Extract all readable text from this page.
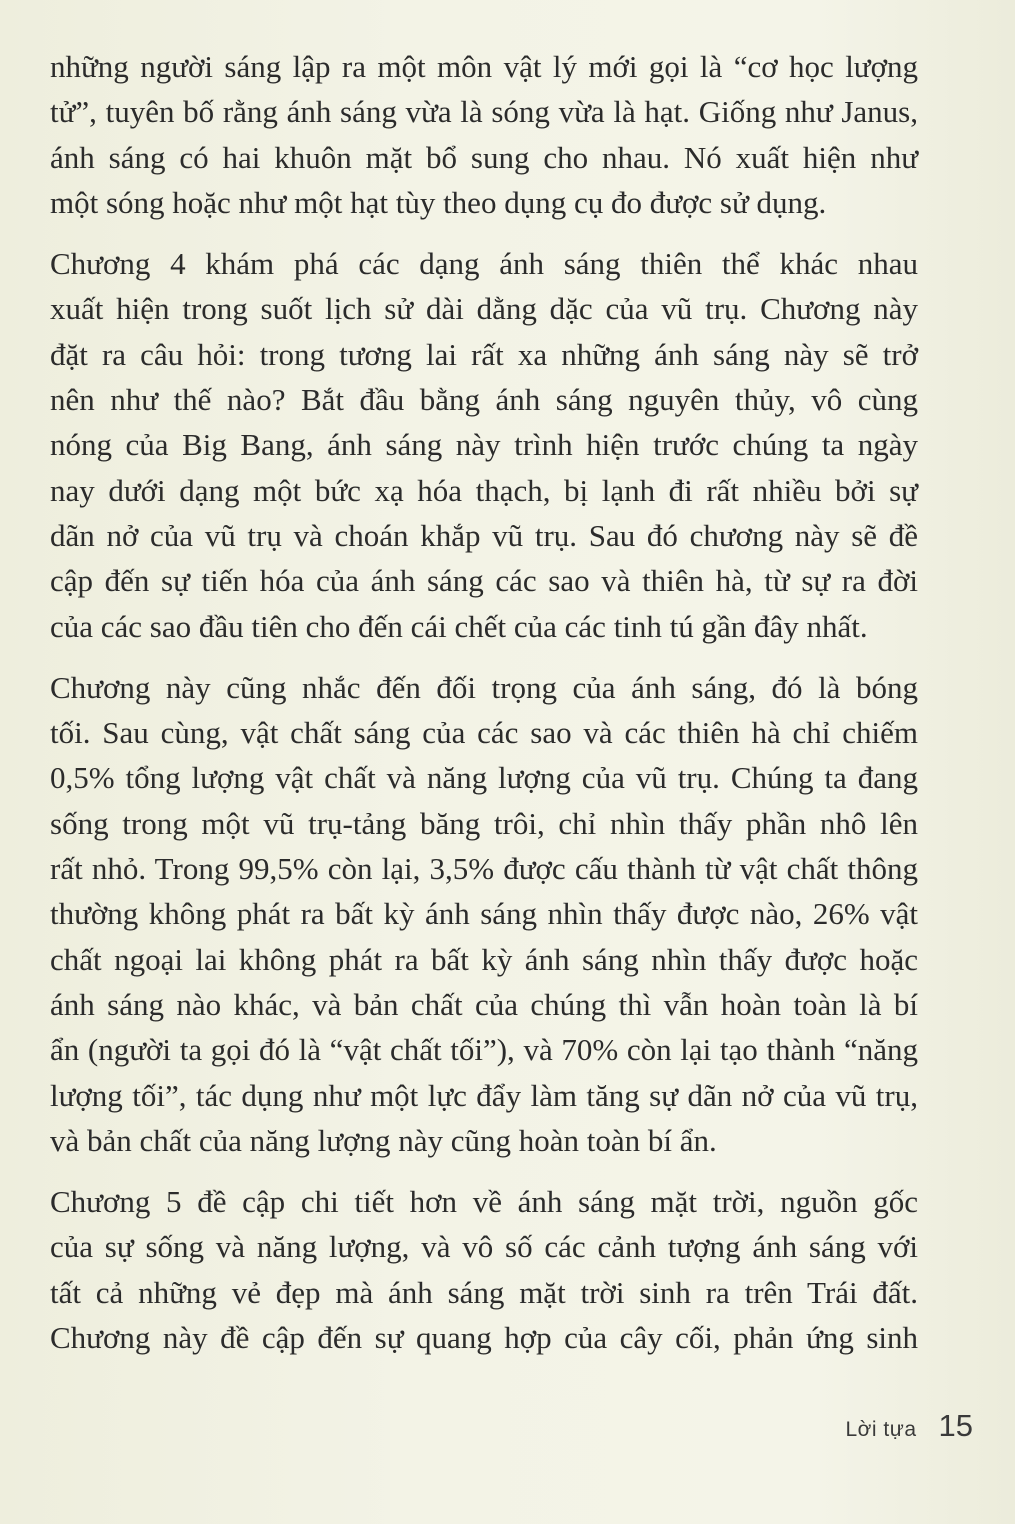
những người sáng lập ra một môn vật lý mới gọi là “cơ học lượng
tử”, tuyên bố rằng ánh sáng vừa là sóng vừa là hạt. Giống như Janus,
ánh sáng có hai khuôn mặt bổ sung cho nhau. Nó xuất hiện như
một sóng hoặc như một hạt tùy theo dụng cụ đo được sử dụng.

Chương 4 khám phá các dạng ánh sáng thiên thể khác nhau
xuất hiện trong suốt lịch sử dài dằng dặc của vũ trụ. Chương này
đặt ra câu hỏi: trong tương lai rất xa những ánh sáng này sẽ trở
nên như thế nào? Bắt đầu bằng ánh sáng nguyên thủy, vô cùng
nóng của Big Bang, ánh sáng này trình hiện trước chúng ta ngày
nay dưới dạng một bức xạ hóa thạch, bị lạnh đi rất nhiều bởi sự
dãn nở của vũ trụ và choán khắp vũ trụ. Sau đó chương này sẽ đề
cập đến sự tiến hóa của ánh sáng các sao và thiên hà, từ sự ra đời
của các sao đầu tiên cho đến cái chết của các tinh tú gần đây nhất.

Chương này cũng nhắc đến đối trọng của ánh sáng, đó là bóng
tối. Sau cùng, vật chất sáng của các sao và các thiên hà chỉ chiếm
0,5% tổng lượng vật chất và năng lượng của vũ trụ. Chúng ta đang
sống trong một vũ trụ-tảng băng trôi, chỉ nhìn thấy phần nhô lên
rất nhỏ. Trong 99,5% còn lại, 3,5% được cấu thành từ vật chất thông
thường không phát ra bất kỳ ánh sáng nhìn thấy được nào, 26% vật
chất ngoại lai không phát ra bất kỳ ánh sáng nhìn thấy được hoặc
ánh sáng nào khác, và bản chất của chúng thì vẫn hoàn toàn là bí
ẩn (người ta gọi đó là “vật chất tối”), và 70% còn lại tạo thành “năng
lượng tối”, tác dụng như một lực đẩy làm tăng sự dãn nở của vũ trụ,
và bản chất của năng lượng này cũng hoàn toàn bí ẩn.

Chương 5 đề cập chi tiết hơn về ánh sáng mặt trời, nguồn gốc
của sự sống và năng lượng, và vô số các cảnh tượng ánh sáng với
tất cả những vẻ đẹp mà ánh sáng mặt trời sinh ra trên Trái đất.
Chương này đề cập đến sự quang hợp của cây cối, phản ứng sinh

Lời tựa 15
